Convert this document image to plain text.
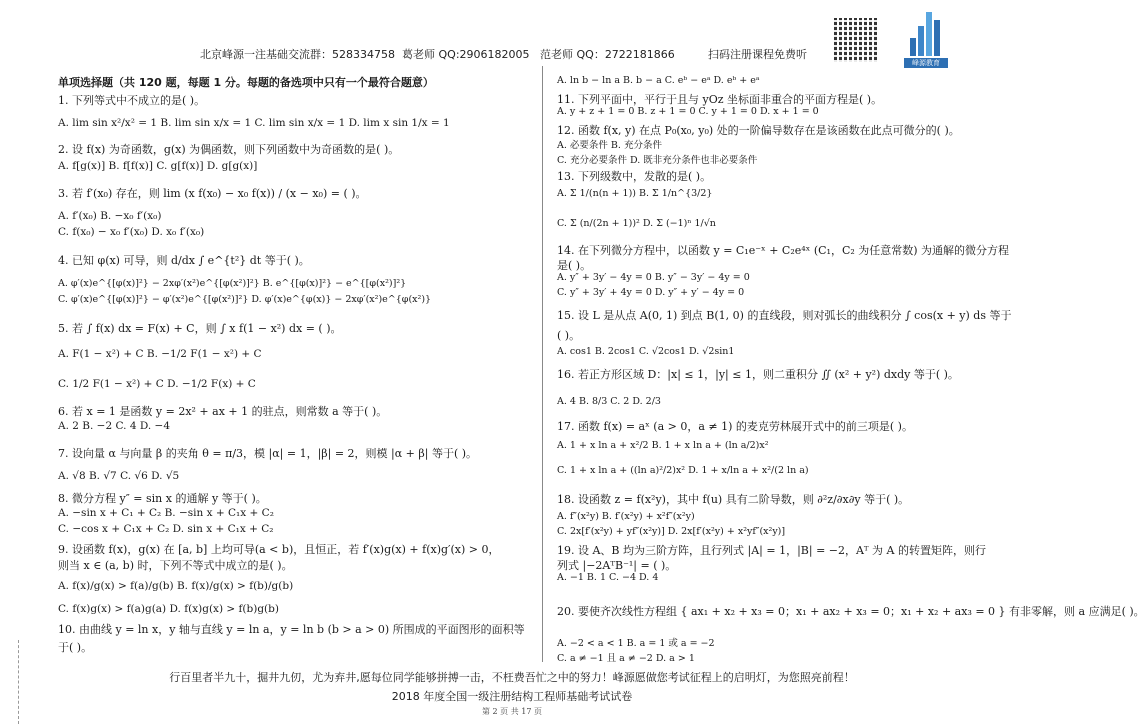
北京峰源一注基础交流群：528334758 葛老师 QQ:2906182005 范老师 QQ：2722181866	扫码注册课程免费听
峰源教育
单项选择题（共 120 题，每题 1 分。每题的备选项中只有一个最符合题意）
1. 下列等式中不成立的是( )。
A. lim sin x²/x² = 1 B. lim sin x/x = 1 C. lim sin x/x = 1 D. lim x sin 1/x = 1
2. 设 f(x) 为奇函数，g(x) 为偶函数，则下列函数中为奇函数的是( )。
A. f[g(x)] B. f[f(x)] C. g[f(x)] D. g[g(x)]
3. 若 f′(x₀) 存在，则 lim (x f(x₀) − x₀ f(x)) / (x − x₀) = ( )。
A. f′(x₀) B. −x₀ f′(x₀)
C. f(x₀) − x₀ f′(x₀) D. x₀ f′(x₀)
4. 已知 φ(x) 可导，则 d/dx ∫ e^{t²} dt 等于( )。
A. φ′(x)e^{[φ(x)]²} − 2xφ′(x²)e^{[φ(x²)]²} B. e^{[φ(x)]²} − e^{[φ(x²)]²}
C. φ′(x)e^{[φ(x)]²} − φ′(x²)e^{[φ(x²)]²} D. φ′(x)e^{φ(x)} − 2xφ′(x²)e^{φ(x²)}
5. 若 ∫ f(x) dx = F(x) + C，则 ∫ x f(1 − x²) dx = ( )。
A. F(1 − x²) + C B. −1/2 F(1 − x²) + C
C. 1/2 F(1 − x²) + C D. −1/2 F(x) + C
6. 若 x = 1 是函数 y = 2x² + ax + 1 的驻点，则常数 a 等于( )。
A. 2 B. −2 C. 4 D. −4
7. 设向量 α 与向量 β 的夹角 θ = π/3，模 |α| = 1，|β| = 2，则模 |α + β| 等于( )。
A. √8 B. √7 C. √6 D. √5
8. 微分方程 y″ = sin x 的通解 y 等于( )。
A. −sin x + C₁ + C₂ B. −sin x + C₁x + C₂
C. −cos x + C₁x + C₂ D. sin x + C₁x + C₂
9. 设函数 f(x)，g(x) 在 [a, b] 上均可导(a < b)，且恒正，若 f′(x)g(x) + f(x)g′(x) > 0，
则当 x ∈ (a, b) 时，下列不等式中成立的是( )。
A. f(x)/g(x) > f(a)/g(b) B. f(x)/g(x) > f(b)/g(b)
C. f(x)g(x) > f(a)g(a) D. f(x)g(x) > f(b)g(b)
10. 由曲线 y = ln x，y 轴与直线 y = ln a，y = ln b (b > a > 0) 所围成的平面图形的面积等
于( )。
A. ln b − ln a B. b − a C. eᵇ − eᵃ D. eᵇ + eᵃ
11. 下列平面中，平行于且与 yOz 坐标面非重合的平面方程是( )。
A. y + z + 1 = 0 B. z + 1 = 0 C. y + 1 = 0 D. x + 1 = 0
12. 函数 f(x, y) 在点 P₀(x₀, y₀) 处的一阶偏导数存在是该函数在此点可微分的( )。
A. 必要条件 B. 充分条件
C. 充分必要条件 D. 既非充分条件也非必要条件
13. 下列级数中，发散的是( )。
A. Σ 1/(n(n + 1)) B. Σ 1/n^{3/2}
C. Σ (n/(2n + 1))² D. Σ (−1)ⁿ 1/√n
14. 在下列微分方程中，以函数 y = C₁e⁻ˣ + C₂e⁴ˣ (C₁，C₂ 为任意常数) 为通解的微分方程
是( )。
A. y″ + 3y′ − 4y = 0 B. y″ − 3y′ − 4y = 0
C. y″ + 3y′ + 4y = 0 D. y″ + y′ − 4y = 0
15. 设 L 是从点 A(0, 1) 到点 B(1, 0) 的直线段，则对弧长的曲线积分 ∫ cos(x + y) ds 等于
( )。
A. cos1 B. 2cos1 C. √2cos1 D. √2sin1
16. 若正方形区域 D：|x| ≤ 1，|y| ≤ 1，则二重积分 ∬ (x² + y²) dxdy 等于( )。
A. 4 B. 8/3 C. 2 D. 2/3
17. 函数 f(x) = aˣ (a > 0，a ≠ 1) 的麦克劳林展开式中的前三项是( )。
A. 1 + x ln a + x²/2 B. 1 + x ln a + (ln a/2)x²
C. 1 + x ln a + ((ln a)²/2)x² D. 1 + x/ln a + x²/(2 ln a)
18. 设函数 z = f(x²y)，其中 f(u) 具有二阶导数，则 ∂²z/∂x∂y 等于( )。
A. f″(x²y) B. f′(x²y) + x²f″(x²y)
C. 2x[f′(x²y) + yf″(x²y)] D. 2x[f′(x²y) + x²yf″(x²y)]
19. 设 A、B 均为三阶方阵，且行列式 |A| = 1，|B| = −2，Aᵀ 为 A 的转置矩阵，则行
列式 |−2AᵀB⁻¹| = ( )。
A. −1 B. 1 C. −4 D. 4
20. 要使齐次线性方程组 { ax₁ + x₂ + x₃ = 0；x₁ + ax₂ + x₃ = 0；x₁ + x₂ + ax₃ = 0 } 有非零解，则 a 应满足( )。
A. −2 < a < 1 B. a = 1 或 a = −2
C. a ≠ −1 且 a ≠ −2 D. a > 1
行百里者半九十，掘井九仞，尤为弃井,愿每位同学能够拼搏一击，不枉费吾忙之中的努力！峰源愿做您考试征程上的启明灯，为您照亮前程！
2018 年度全国一级注册结构工程师基础考试试卷
第 2 页 共 17 页
